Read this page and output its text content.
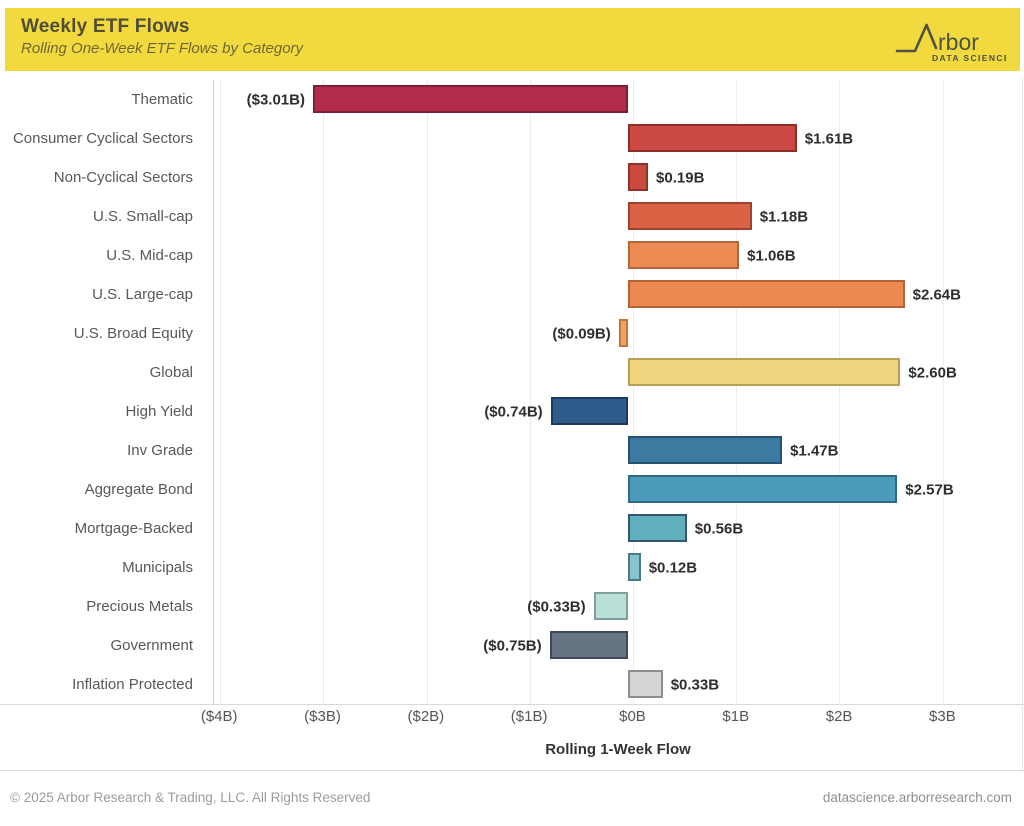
Weekly ETF Flows
Rolling One-Week ETF Flows by Category	rbor
DATA SCIENCE
Thematic	($3.01B)
Consumer Cyclical Sectors	$1.61B
Non-Cyclical Sectors	$0.19B
U.S. Small-cap	$1.18B
U.S. Mid-cap	$1.06B
U.S. Large-cap	$2.64B
U.S. Broad Equity	($0.09B)
Global	$2.60B
High Yield	($0.74B)
Inv Grade	$1.47B
Aggregate Bond	$2.57B
Mortgage-Backed	$0.56B
Municipals	$0.12B
Precious Metals	($0.33B)
Government	($0.75B)
Inflation Protected	$0.33B
($4B)	($3B)	($2B)	($1B)	$0B	$1B	$2B	$3B
Rolling 1-Week Flow
© 2025 Arbor Research & Trading, LLC. All Rights Reserved	datascience.arborresearch.com
